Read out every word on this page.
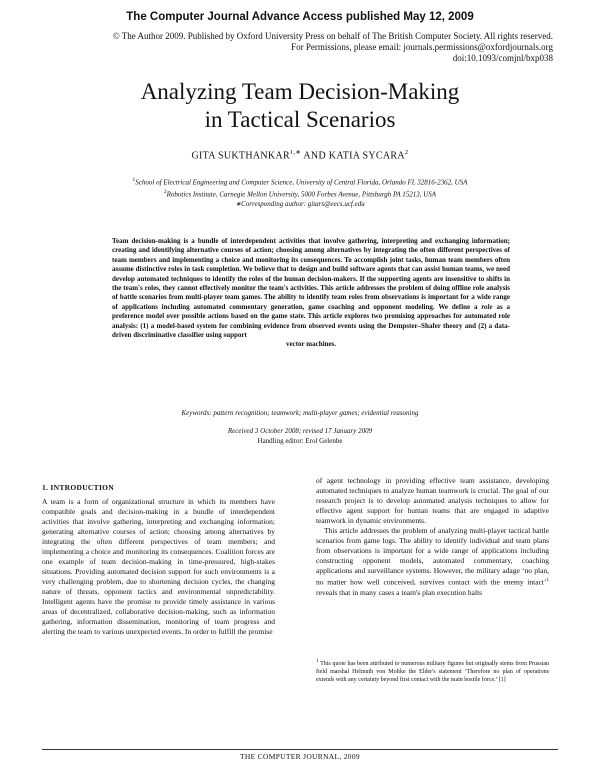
The Computer Journal Advance Access published May 12, 2009
© The Author 2009. Published by Oxford University Press on behalf of The British Computer Society. All rights reserved.
For Permissions, please email: journals.permissions@oxfordjournals.org
doi:10.1093/comjnl/bxp038
Analyzing Team Decision-Making
in Tactical Scenarios
GITA $SUKTHANKAR^{1,∗}$ AND KATIA SYCARA$^2$
$^1$School of Electrical Engineering and Computer Science, University of Central Florida, Orlando FL 32816-2362, USA
$^2$Robotics Institute, Carnegie Mellon University, 5000 Forbes Avenue, Pittsburgh PA 15213, USA
∗Corresponding author: gitars@eecs.ucf.edu
Team decision-making is a bundle of interdependent activities that involve gathering, interpreting and exchanging information; creating and identifying alternative courses of action; choosing among alternatives by integrating the often different perspectives of team members and implementing a choice and monitoring its consequences. To accomplish joint tasks, human team members often assume distinctive roles in task completion. We believe that to design and build software agents that can assist human teams, we need develop automated techniques to identify the roles of the human decision-makers. If the supporting agents are insensitive to shifts in the team's roles, they cannot effectively monitor the team's activities. This article addresses the problem of doing offline role analysis of battle scenarios from multi-player team games. The ability to identify team roles from observations is important for a wide range of applications including automated commentary generation, game coaching and opponent modeling. We define a role as a preference model over possible actions based on the game state. This article explores two promising approaches for automated role analysis: (1) a model-based system for combining evidence from observed events using the Dempster–Shafer theory and (2) a data-driven discriminative classifier using support
vector machines.
Keywords: pattern recognition; teamwork; multi-player games; evidential reasoning
Received 3 October 2008; revised 17 January 2009
Handling editor: Erol Gelenbe
1. INTRODUCTION

A team is a form of organizational structure in which its members have compatible goals and decision-making in a bundle of interdependent activities that involve gathering, interpreting and exchanging information; generating alternative courses of action; choosing among alternatives by integrating the often different perspectives of team members; and implementing a choice and monitoring its consequences. Coalition forces are one example of team decision-making in time-pressured, high-stakes situations. Providing automated decision support for such environments is a very challenging problem, due to shortening decision cycles, the changing nature of threats, opponent tactics and environmental unpredictability. Intelligent agents have the promise to provide timely assistance in various areas of decentralized, collaborative decision-making, such as information gathering, information dissemination, monitoring of team progress and alerting the team to various unexpected events. In order to fulfill the promise

of agent technology in providing effective team assistance, developing automated techniques to analyze human teamwork is crucial. The goal of our research project is to develop automated analysis techniques to allow for effective agent support for human teams that are engaged in adaptive teamwork in dynamic environments.

This article addresses the problem of analyzing multi-player tactical battle scenarios from game logs. The ability to identify individual and team plans from observations is important for a wide range of applications including constructing opponent models, automated commentary, coaching applications and surveillance systems. However, the military adage ‘no plan, no matter how well conceived, survives contact with the enemy intact’$^1$ reveals that in many cases a team's plan execution halts

$^1$ This quote has been attributed to numerous military figures but originally stems from Prussian field marshal Helmuth von Moltke the Elder's statement ‘Therefore no plan of operations extends with any certainty beyond first contact with the main hostile force.’ [1]
THE COMPUTER JOURNAL, 2009
